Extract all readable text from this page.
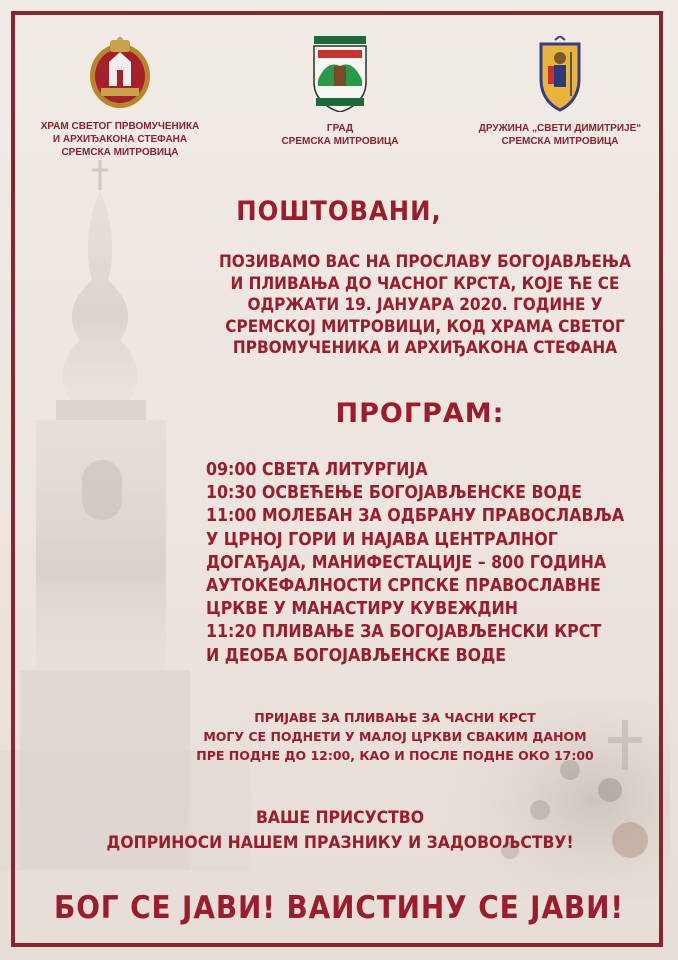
ХРАМ СВЕТОГ ПРВОМУЧЕНИКА
И АРХИЂАКОНА СТЕФАНА
СРЕМСКА МИТРОВИЦА
ГРАД
СРЕМСКА МИТРОВИЦА
ДРУЖИНА „СВЕТИ ДИМИТРИЈЕ“
СРЕМСКА МИТРОВИЦА
ПОШТОВАНИ,
ПОЗИВАМО ВАС НА ПРОСЛАВУ БОГОЈАВЉЕЊА
И ПЛИВАЊА ДО ЧАСНОГ КРСТА, КОЈЕ ЋЕ СЕ
ОДРЖАТИ 19. ЈАНУАРА 2020. ГОДИНЕ У
СРЕМСКОЈ МИТРОВИЦИ, КОД ХРАМА СВЕТОГ
ПРВОМУЧЕНИКА И АРХИЂАКОНА СТЕФАНА
ПРОГРАМ:
09:00 СВЕТА ЛИТУРГИЈА
10:30 ОСВЕЋЕЊЕ БОГОЈАВЉЕНСКЕ ВОДЕ
11:00 МОЛЕБАН ЗА ОДБРАНУ ПРАВОСЛАВЉА
У ЦРНОЈ ГОРИ И НАЈАВА ЦЕНТРАЛНОГ
ДОГАЂАЈА, МАНИФЕСТАЦИЈЕ – 800 ГОДИНА
АУТОКЕФАЛНОСТИ СРПСКЕ ПРАВОСЛАВНЕ
ЦРКВЕ У МАНАСТИРУ КУВЕЖДИН
11:20 ПЛИВАЊЕ ЗА БОГОЈАВЉЕНСКИ КРСТ
И ДЕОБА БОГОЈАВЉЕНСКЕ ВОДЕ
ПРИЈАВЕ ЗА ПЛИВАЊЕ ЗА ЧАСНИ КРСТ
МОГУ СЕ ПОДНЕТИ У МАЛОЈ ЦРКВИ СВАКИМ ДАНОМ
ПРЕ ПОДНЕ ДО 12:00, КАО И ПОСЛЕ ПОДНЕ ОКО 17:00
ВАШЕ ПРИСУСТВО
ДОПРИНОСИ НАШЕМ ПРАЗНИКУ И ЗАДОВОЉСТВУ!
БОГ СЕ ЈАВИ! ВАИСТИНУ СЕ ЈАВИ!
